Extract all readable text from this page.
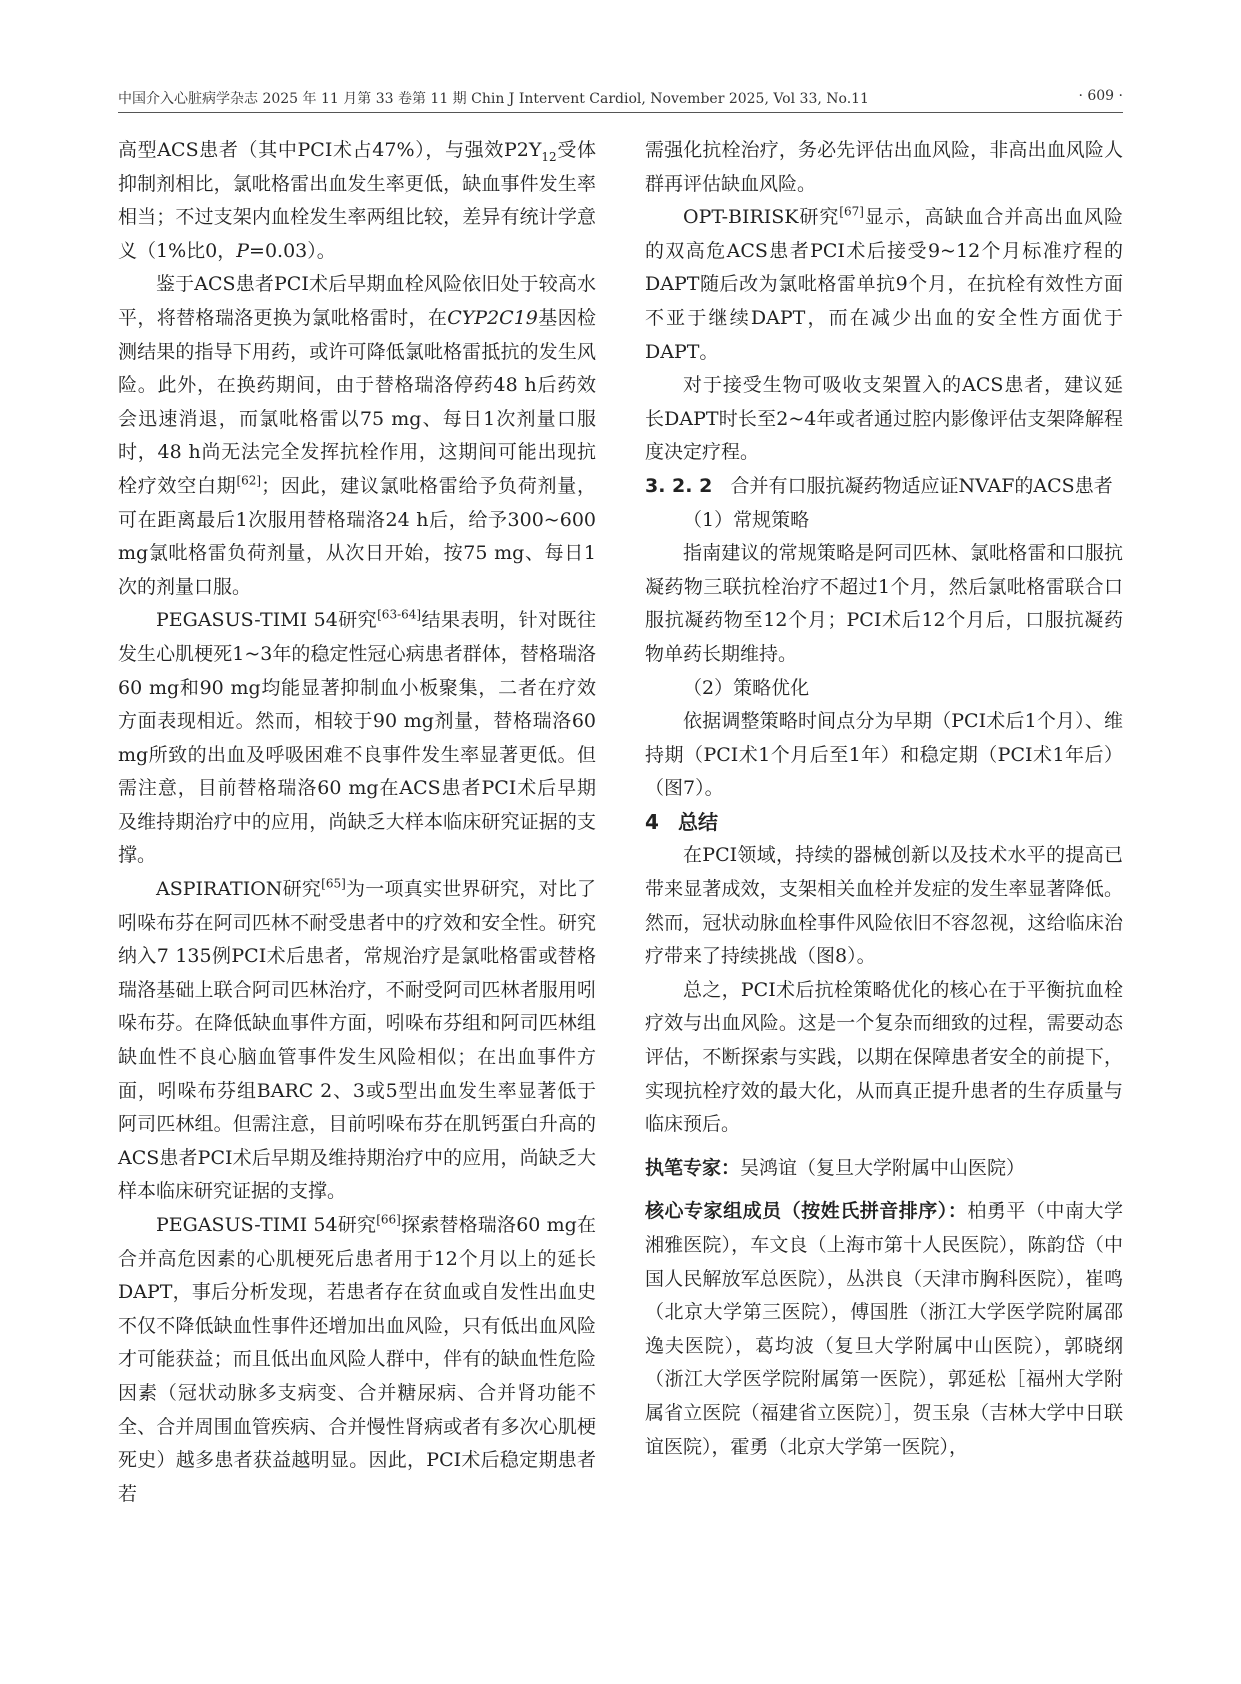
中国介入心脏病学杂志 2025 年 11 月第 33 卷第 11 期 Chin J Intervent Cardiol, November 2025, Vol 33, No.11	· 609 ·

高型ACS患者（其中PCI术占47%），与强效$P2Y_{12}$受体抑制剂相比，氯吡格雷出血发生率更低，缺血事件发生率相当；不过支架内血栓发生率两组比较，差异有统计学意义（1%比0，P=0.03）。

鉴于ACS患者PCI术后早期血栓风险依旧处于较高水平，将替格瑞洛更换为氯吡格雷时，在CYP2C19基因检测结果的指导下用药，或许可降低氯吡格雷抵抗的发生风险。此外，在换药期间，由于替格瑞洛停药48 h后药效会迅速消退，而氯吡格雷以75 mg、每日1次剂量口服时，48 h尚无法完全发挥抗栓作用，这期间可能出现抗栓疗效空白期[62]；因此，建议氯吡格雷给予负荷剂量，可在距离最后1次服用替格瑞洛24 h后，给予300~600 mg氯吡格雷负荷剂量，从次日开始，按75 mg、每日1次的剂量口服。

PEGASUS-TIMI 54研究[63-64]结果表明，针对既往发生心肌梗死1~3年的稳定性冠心病患者群体，替格瑞洛60 mg和90 mg均能显著抑制血小板聚集，二者在疗效方面表现相近。然而，相较于90 mg剂量，替格瑞洛60 mg所致的出血及呼吸困难不良事件发生率显著更低。但需注意，目前替格瑞洛60 mg在ACS患者PCI术后早期及维持期治疗中的应用，尚缺乏大样本临床研究证据的支撑。

ASPIRATION研究[65]为一项真实世界研究，对比了吲哚布芬在阿司匹林不耐受患者中的疗效和安全性。研究纳入7 135例PCI术后患者，常规治疗是氯吡格雷或替格瑞洛基础上联合阿司匹林治疗，不耐受阿司匹林者服用吲哚布芬。在降低缺血事件方面，吲哚布芬组和阿司匹林组缺血性不良心脑血管事件发生风险相似；在出血事件方面，吲哚布芬组BARC 2、3或5型出血发生率显著低于阿司匹林组。但需注意，目前吲哚布芬在肌钙蛋白升高的ACS患者PCI术后早期及维持期治疗中的应用，尚缺乏大样本临床研究证据的支撑。

PEGASUS-TIMI 54研究[66]探索替格瑞洛60 mg在合并高危因素的心肌梗死后患者用于12个月以上的延长DAPT，事后分析发现，若患者存在贫血或自发性出血史不仅不降低缺血性事件还增加出血风险，只有低出血风险才可能获益；而且低出血风险人群中，伴有的缺血性危险因素（冠状动脉多支病变、合并糖尿病、合并肾功能不全、合并周围血管疾病、合并慢性肾病或者有多次心肌梗死史）越多患者获益越明显。因此，PCI术后稳定期患者若

需强化抗栓治疗，务必先评估出血风险，非高出血风险人群再评估缺血风险。

OPT-BIRISK研究[67]显示，高缺血合并高出血风险的双高危ACS患者PCI术后接受9~12个月标准疗程的DAPT随后改为氯吡格雷单抗9个月，在抗栓有效性方面不亚于继续DAPT，而在减少出血的安全性方面优于DAPT。

对于接受生物可吸收支架置入的ACS患者，建议延长DAPT时长至2~4年或者通过腔内影像评估支架降解程度决定疗程。

3. 2. 2 合并有口服抗凝药物适应证NVAF的ACS患者

（1）常规策略

指南建议的常规策略是阿司匹林、氯吡格雷和口服抗凝药物三联抗栓治疗不超过1个月，然后氯吡格雷联合口服抗凝药物至12个月；PCI术后12个月后，口服抗凝药物单药长期维持。

（2）策略优化

依据调整策略时间点分为早期（PCI术后1个月）、维持期（PCI术1个月后至1年）和稳定期（PCI术1年后）（图7）。

4 总结

在PCI领域，持续的器械创新以及技术水平的提高已带来显著成效，支架相关血栓并发症的发生率显著降低。然而，冠状动脉血栓事件风险依旧不容忽视，这给临床治疗带来了持续挑战（图8）。

总之，PCI术后抗栓策略优化的核心在于平衡抗血栓疗效与出血风险。这是一个复杂而细致的过程，需要动态评估，不断探索与实践，以期在保障患者安全的前提下，实现抗栓疗效的最大化，从而真正提升患者的生存质量与临床预后。

执笔专家：吴鸿谊（复旦大学附属中山医院）

核心专家组成员（按姓氏拼音排序）：柏勇平（中南大学湘雅医院），车文良（上海市第十人民医院），陈韵岱（中国人民解放军总医院），丛洪良（天津市胸科医院），崔鸣（北京大学第三医院），傅国胜（浙江大学医学院附属邵逸夫医院），葛均波（复旦大学附属中山医院），郭晓纲（浙江大学医学院附属第一医院），郭延松［福州大学附属省立医院（福建省立医院）］，贺玉泉（吉林大学中日联谊医院），霍勇（北京大学第一医院），
